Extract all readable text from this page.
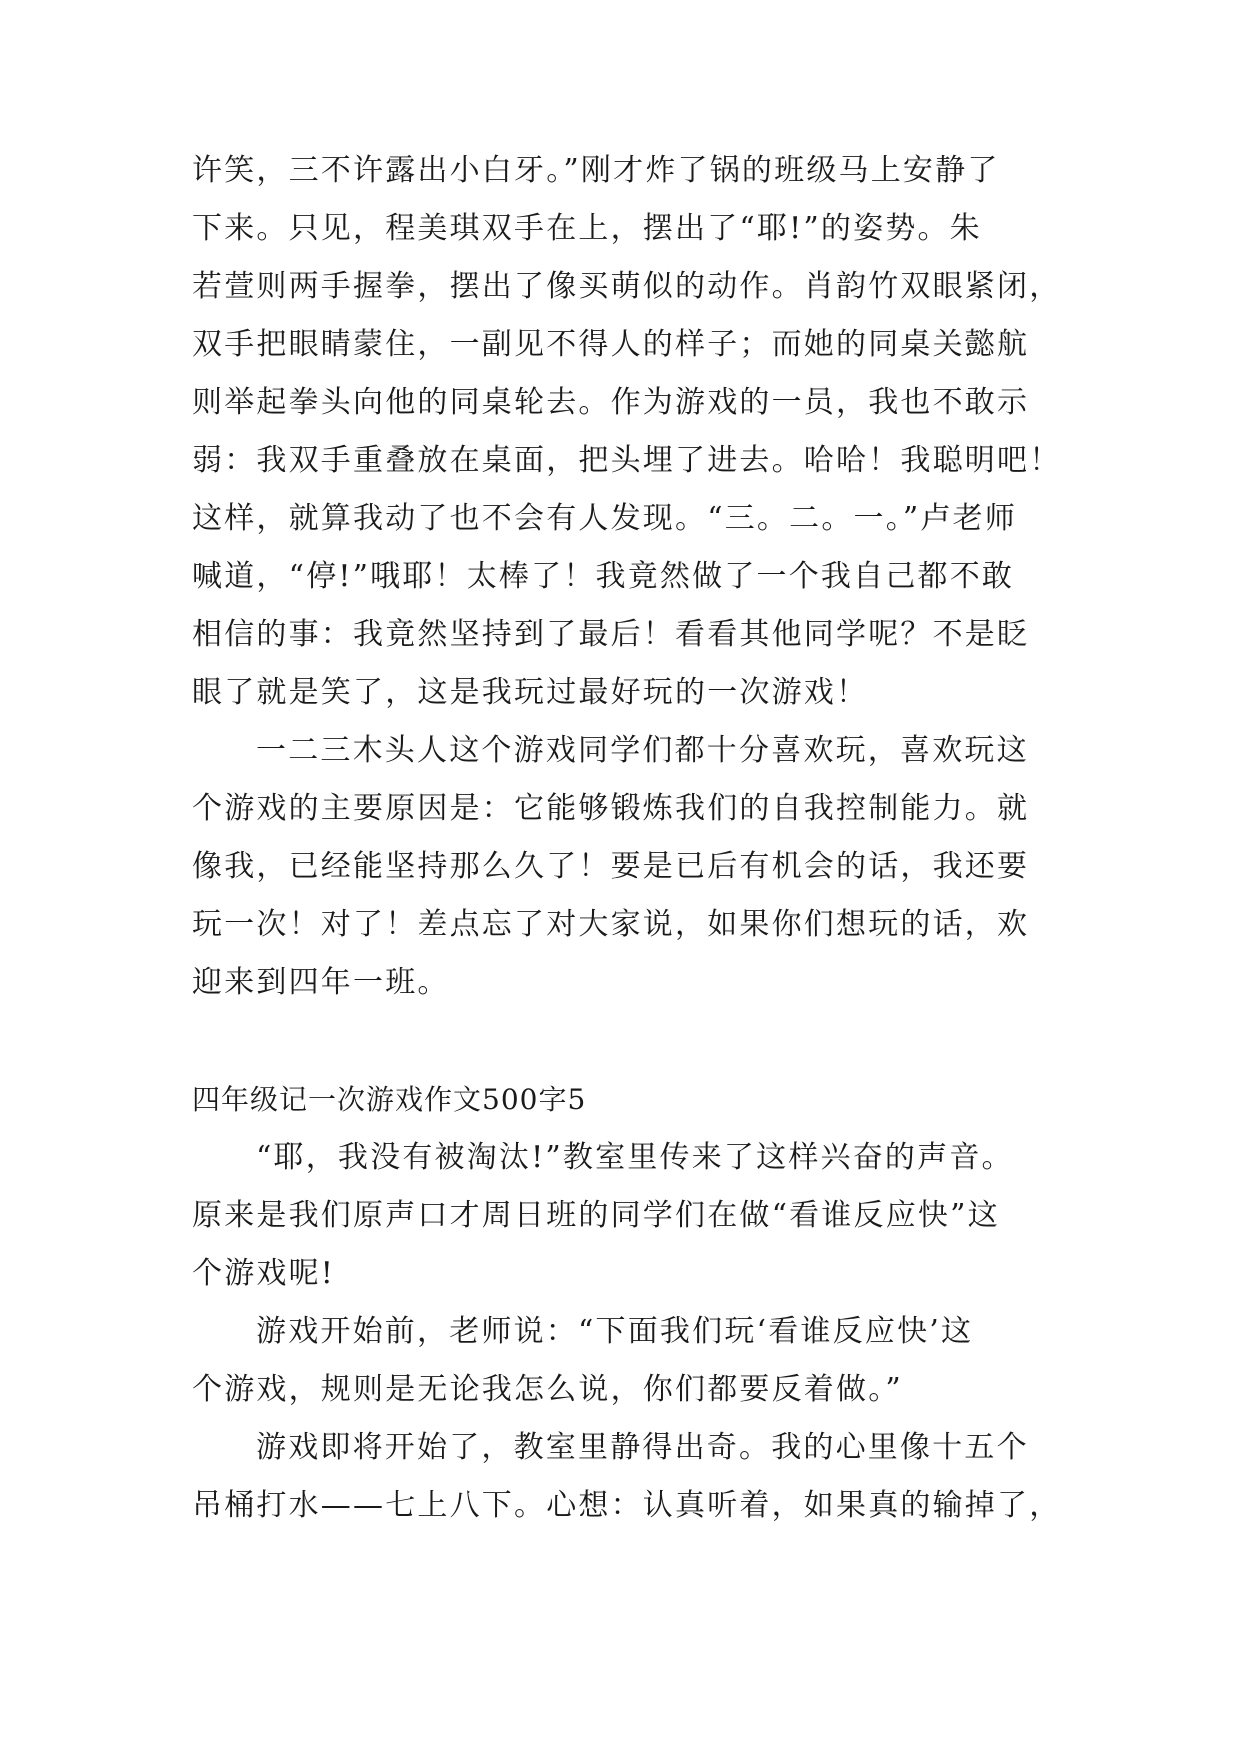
许笑，三不许露出小白牙。”刚才炸了锅的班级马上安静了
下来。只见，程美琪双手在上，摆出了“耶!”的姿势。朱
若萱则两手握拳，摆出了像买萌似的动作。肖韵竹双眼紧闭，
双手把眼睛蒙住，一副见不得人的样子；而她的同桌关懿航
则举起拳头向他的同桌轮去。作为游戏的一员，我也不敢示
弱：我双手重叠放在桌面，把头埋了进去。哈哈！我聪明吧！
这样，就算我动了也不会有人发现。“三。二。一。”卢老师
喊道，“停!”哦耶！太棒了！我竟然做了一个我自己都不敢
相信的事：我竟然坚持到了最后！看看其他同学呢？不是眨
眼了就是笑了，这是我玩过最好玩的一次游戏！
一二三木头人这个游戏同学们都十分喜欢玩，喜欢玩这
个游戏的主要原因是：它能够锻炼我们的自我控制能力。就
像我，已经能坚持那么久了！要是已后有机会的话，我还要
玩一次！对了！差点忘了对大家说，如果你们想玩的话，欢
迎来到四年一班。
四年级记一次游戏作文500字5
“耶，我没有被淘汰!”教室里传来了这样兴奋的声音。
原来是我们原声口才周日班的同学们在做“看谁反应快”这
个游戏呢!
游戏开始前，老师说：“下面我们玩‘看谁反应快’这
个游戏，规则是无论我怎么说，你们都要反着做。”
游戏即将开始了，教室里静得出奇。我的心里像十五个
吊桶打水——七上八下。心想：认真听着，如果真的输掉了，
